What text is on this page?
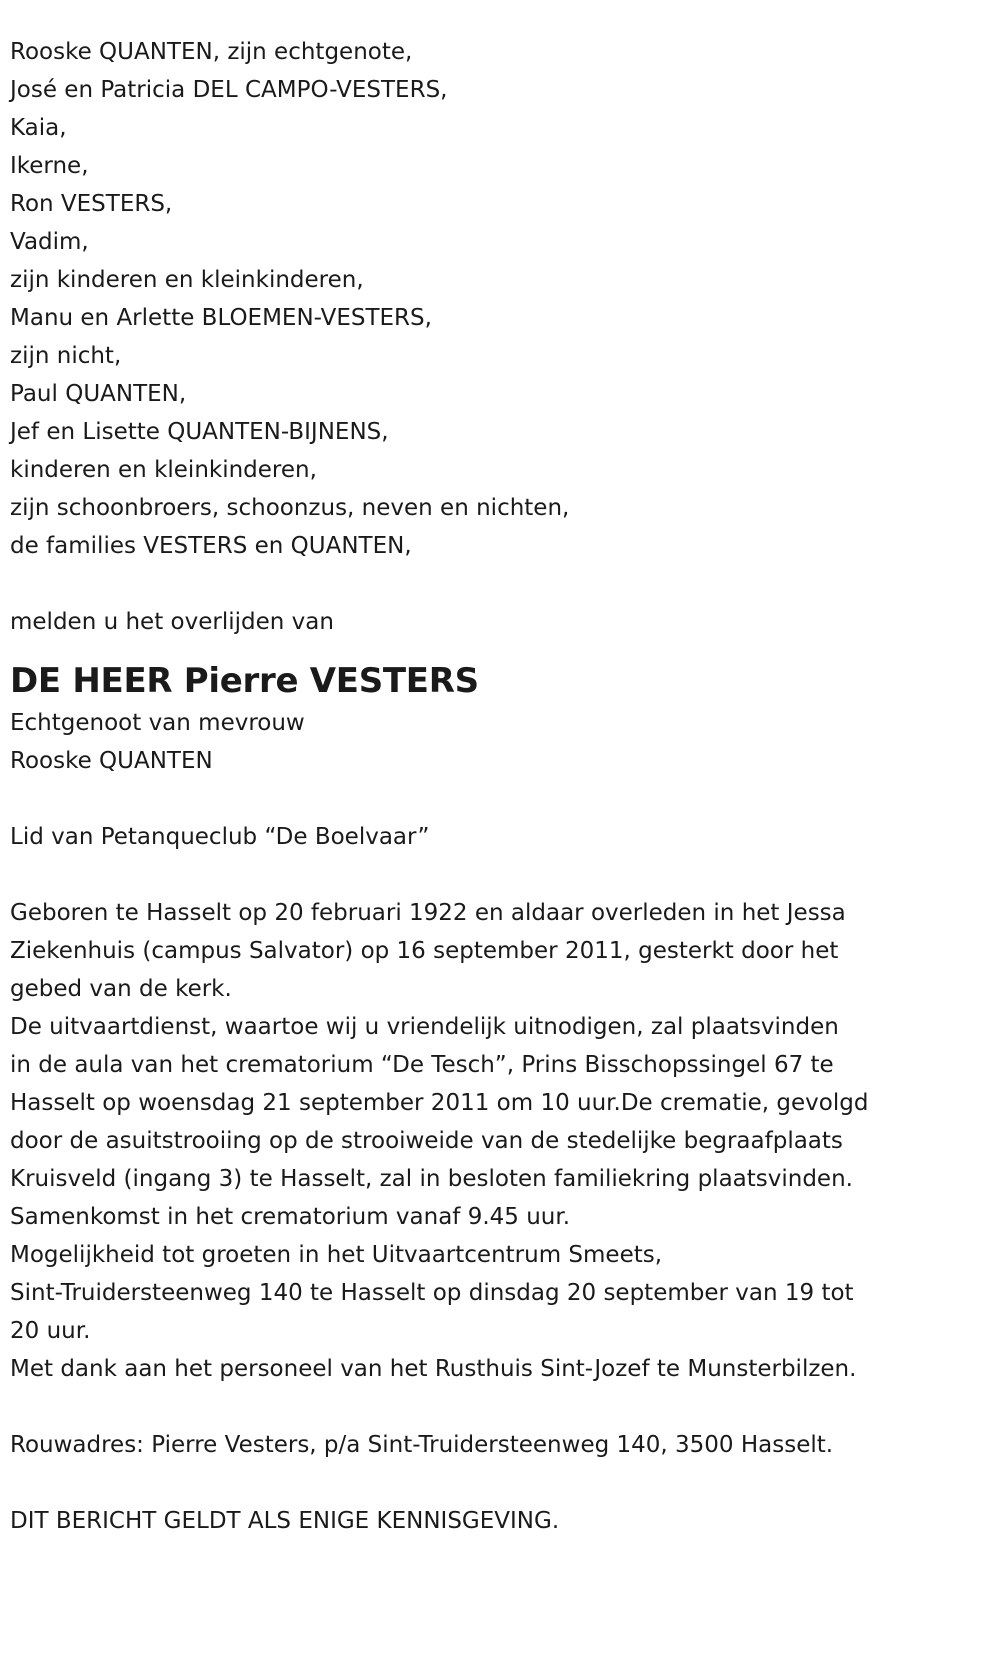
Rooske QUANTEN, zijn echtgenote,

José en Patricia DEL CAMPO-VESTERS,

Kaia,

Ikerne,

Ron VESTERS,

Vadim,

zijn kinderen en kleinkinderen,

Manu en Arlette BLOEMEN-VESTERS,

zijn nicht,

Paul QUANTEN,

Jef en Lisette QUANTEN-BIJNENS,

kinderen en kleinkinderen,

zijn schoonbroers, schoonzus, neven en nichten,

de families VESTERS en QUANTEN,

melden u het overlijden van

DE HEER Pierre VESTERS

Echtgenoot van mevrouw

Rooske QUANTEN

Lid van Petanqueclub “De Boelvaar”

Geboren te Hasselt op 20 februari 1922 en aldaar overleden in het Jessa

Ziekenhuis (campus Salvator) op 16 september 2011, gesterkt door het

gebed van de kerk.

De uitvaartdienst, waartoe wij u vriendelijk uitnodigen, zal plaatsvinden

in de aula van het crematorium “De Tesch”, Prins Bisschopssingel 67 te

Hasselt op woensdag 21 september 2011 om 10 uur.De crematie, gevolgd

door de asuitstrooiing op de strooiweide van de stedelijke begraafplaats

Kruisveld (ingang 3) te Hasselt, zal in besloten familiekring plaatsvinden.

Samenkomst in het crematorium vanaf 9.45 uur.

Mogelijkheid tot groeten in het Uitvaartcentrum Smeets,

Sint-Truidersteenweg 140 te Hasselt op dinsdag 20 september van 19 tot

20 uur.

Met dank aan het personeel van het Rusthuis Sint-Jozef te Munsterbilzen.

Rouwadres: Pierre Vesters, p/a Sint-Truidersteenweg 140, 3500 Hasselt.

DIT BERICHT GELDT ALS ENIGE KENNISGEVING.
